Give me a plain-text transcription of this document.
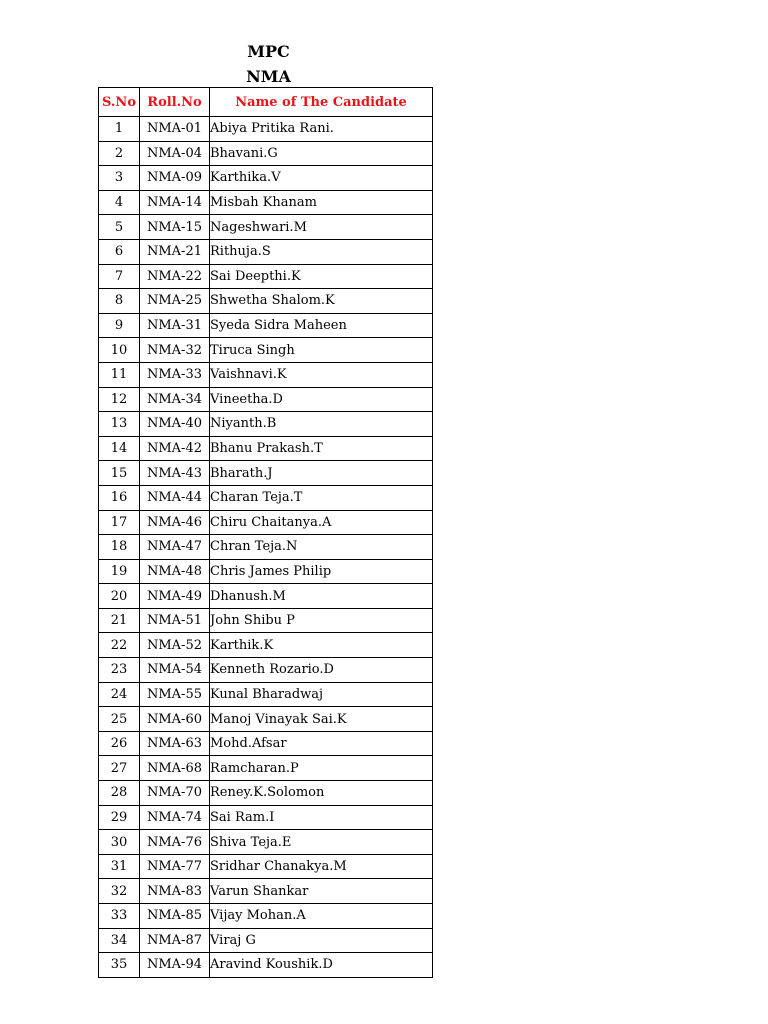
MPC
NMA
S.No	Roll.No	Name of The Candidate
1	NMA-01	Abiya Pritika Rani.
2	NMA-04	Bhavani.G
3	NMA-09	Karthika.V
4	NMA-14	Misbah Khanam
5	NMA-15	Nageshwari.M
6	NMA-21	Rithuja.S
7	NMA-22	Sai Deepthi.K
8	NMA-25	Shwetha Shalom.K
9	NMA-31	Syeda Sidra Maheen
10	NMA-32	Tiruca Singh
11	NMA-33	Vaishnavi.K
12	NMA-34	Vineetha.D
13	NMA-40	Niyanth.B
14	NMA-42	Bhanu Prakash.T
15	NMA-43	Bharath.J
16	NMA-44	Charan Teja.T
17	NMA-46	Chiru Chaitanya.A
18	NMA-47	Chran Teja.N
19	NMA-48	Chris James Philip
20	NMA-49	Dhanush.M
21	NMA-51	John Shibu P
22	NMA-52	Karthik.K
23	NMA-54	Kenneth Rozario.D
24	NMA-55	Kunal Bharadwaj
25	NMA-60	Manoj Vinayak Sai.K
26	NMA-63	Mohd.Afsar
27	NMA-68	Ramcharan.P
28	NMA-70	Reney.K.Solomon
29	NMA-74	Sai Ram.I
30	NMA-76	Shiva Teja.E
31	NMA-77	Sridhar Chanakya.M
32	NMA-83	Varun Shankar
33	NMA-85	Vijay Mohan.A
34	NMA-87	Viraj G
35	NMA-94	Aravind Koushik.D
